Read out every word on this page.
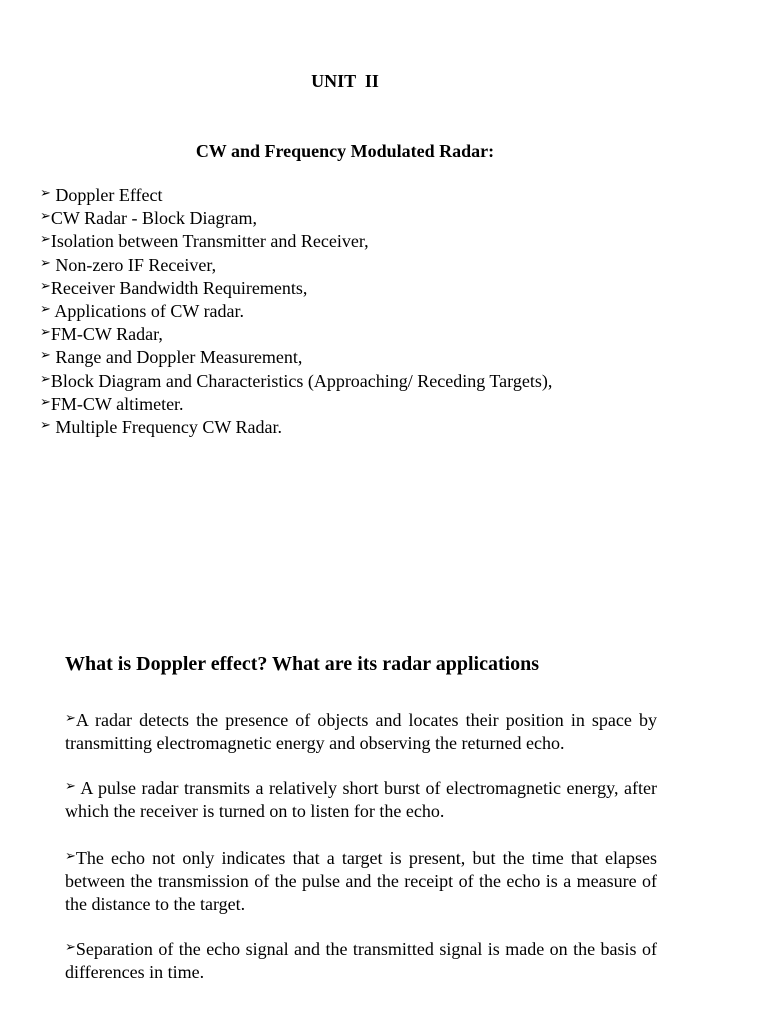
UNIT  II
CW and Frequency Modulated Radar:
➢ Doppler Effect
➢CW Radar - Block Diagram,
➢Isolation between Transmitter and Receiver,
➢ Non-zero IF Receiver,
➢Receiver Bandwidth Requirements,
➢ Applications of CW radar.
➢FM-CW Radar,
➢ Range and Doppler Measurement,
➢Block Diagram and Characteristics (Approaching/ Receding Targets),
➢FM-CW altimeter.
➢ Multiple Frequency CW Radar.
What is Doppler effect? What are its radar applications

➢A radar detects the presence of objects and locates their position in space by transmitting electromagnetic energy and observing the returned echo.

➢ A pulse radar transmits a relatively short burst of electromagnetic energy, after which the receiver is turned on to listen for the echo.

➢The echo not only indicates that a target is present, but the time that elapses between the transmission of the pulse and the receipt of the echo is a measure of the distance to the target.

➢Separation of the echo signal and the transmitted signal is made on the basis of differences in time.
